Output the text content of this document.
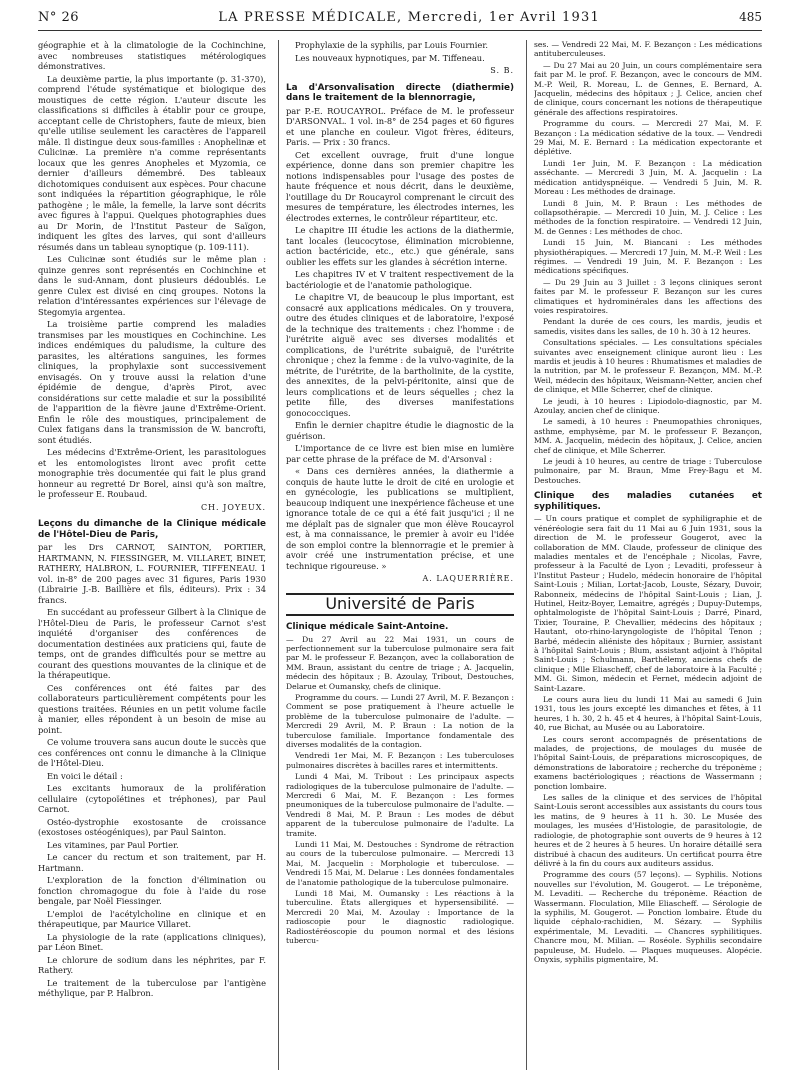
N° 26	LA PRESSE MÉDICALE, Mercredi, 1er Avril 1931	485

géographie et à la climatologie de la Cochinchine, avec nombreuses statistiques métérologiques démonstratives.

La deuxième partie, la plus importante (p. 31-370), comprend l'étude systématique et biologique des moustiques de cette région. L'auteur discute les classifications si difficiles à établir pour ce groupe, acceptant celle de Christophers, faute de mieux, bien qu'elle utilise seulement les caractères de l'appareil mâle. Il distingue deux sous-familles : Anophelinæ et Culicinæ. La première n'a comme représentants locaux que les genres Anopheles et Myzomia, ce dernier d'ailleurs démembré. Des tableaux dichotomiques conduisent aux espèces. Pour chacune sont indiquées la répartition géographique, le rôle pathogène ; le mâle, la femelle, la larve sont décrits avec figures à l'appui. Quelques photographies dues au Dr Morin, de l'Institut Pasteur de Saïgon, indiquent les gîtes des larves, qui sont d'ailleurs résumés dans un tableau synoptique (p. 109-111).

Les Culicinæ sont étudiés sur le même plan : quinze genres sont représentés en Cochinchine et dans le sud-Annam, dont plusieurs dédoublés. Le genre Culex est divisé en cinq groupes. Notons la relation d'intéressantes expériences sur l'élevage de Stegomyia argentea.

La troisième partie comprend les maladies transmises par les moustiques en Cochinchine. Les indices endémiques du paludisme, la culture des parasites, les altérations sanguines, les formes cliniques, la prophylaxie sont successivement envisagés. On y trouve aussi la relation d'une épidémie de dengue, d'après Pirot, avec considérations sur cette maladie et sur la possibilité de l'apparition de la fièvre jaune d'Extrême-Orient. Enfin le rôle des moustiques, principalement de Culex fatigans dans la transmission de W. bancrofti, sont étudiés.

Les médecins d'Extrême-Orient, les parasitologues et les entomologistes liront avec profit cette monographie très documentée qui fait le plus grand honneur au regretté Dr Borel, ainsi qu'à son maître, le professeur E. Roubaud.

CH. JOYEUX.

Leçons du dimanche de la Clinique médicale de l'Hôtel-Dieu de Paris,

par les Drs CARNOT, SAINTON, PORTIER, HARTMANN, N. FIESSINGER, M. VILLARET, BINET, RATHERY, HALBRON, L. FOURNIER, TIFFENEAU. 1 vol. in-8° de 200 pages avec 31 figures, Paris 1930 (Librairie J.-B. Baillière et fils, éditeurs). Prix : 34 francs.

En succédant au professeur Gilbert à la Clinique de l'Hôtel-Dieu de Paris, le professeur Carnot s'est inquiété d'organiser des conférences de documentation destinées aux praticiens qui, faute de temps, ont de grandes difficultés pour se mettre au courant des questions mouvantes de la clinique et de la thérapeutique.

Ces conférences ont été faites par des collaborateurs particulièrement compétents pour les questions traitées. Réunies en un petit volume facile à manier, elles répondent à un besoin de mise au point.

Ce volume trouvera sans aucun doute le succès que ces conférences ont connu le dimanche à la Clinique de l'Hôtel-Dieu.

En voici le détail :

Les excitants humoraux de la prolifération cellulaire (cytopoïétines et tréphones), par Paul Carnot.

Ostéo-dystrophie exostosante de croissance (exostoses ostéogéniques), par Paul Sainton.

Les vitamines, par Paul Portier.

Le cancer du rectum et son traitement, par H. Hartmann.

L'exploration de la fonction d'élimination ou fonction chromagogue du foie à l'aide du rose bengale, par Noël Fiessinger.

L'emploi de l'acétylcholine en clinique et en thérapeutique, par Maurice Villaret.

La physiologie de la rate (applications cliniques), par Léon Binet.

Le chlorure de sodium dans les néphrites, par F. Rathery.

Le traitement de la tuberculose par l'antigène méthylique, par P. Halbron.

Prophylaxie de la syphilis, par Louis Fournier.

Les nouveaux hypnotiques, par M. Tiffeneau.

S. B.

La d'Arsonvalisation directe (diathermie) dans le traitement de la blennorragie,

par P.-E. ROUCAYROL. Préface de M. le professeur D'ARSONVAL. 1 vol. in-8° de 254 pages et 60 figures et une planche en couleur. Vigot frères, éditeurs, Paris. — Prix : 30 francs.

Cet excellent ouvrage, fruit d'une longue expérience, donne dans son premier chapitre les notions indispensables pour l'usage des postes de haute fréquence et nous décrit, dans le deuxième, l'outillage du Dr Roucayrol comprenant le circuit des mesures de température, les électrodes internes, les électrodes externes, le contrôleur répartiteur, etc.

Le chapitre III étudie les actions de la diathermie, tant locales (leucocytose, élimination microbienne, action bactéricide, etc., etc.) que générale, sans oublier les effets sur les glandes à sécrétion interne.

Les chapitres IV et V traitent respectivement de la bactériologie et de l'anatomie pathologique.

Le chapitre VI, de beaucoup le plus important, est consacré aux applications médicales. On y trouvera, outre des études cliniques et de laboratoire, l'exposé de la technique des traitements : chez l'homme : de l'urétrite aiguë avec ses diverses modalités et complications, de l'urétrite subaiguë, de l'urétrite chronique ; chez la femme : de la vulvo-vaginite, de la métrite, de l'urétrite, de la bartholinite, de la cystite, des annexites, de la pelvi-péritonite, ainsi que de leurs complications et de leurs séquelles ; chez la petite fille, des diverses manifestations gonococciques.

Enfin le dernier chapitre étudie le diagnostic de la guérison.

L'importance de ce livre est bien mise en lumière par cette phrase de la préface de M. d'Arsonval :

« Dans ces dernières années, la diathermie a conquis de haute lutte le droit de cité en urologie et en gynécologie, les publications se multiplient, beaucoup indiquent une inexpérience fâcheuse et une ignorance totale de ce qui a été fait jusqu'ici ; il ne me déplaît pas de signaler que mon élève Roucayrol est, à ma connaissance, le premier à avoir eu l'idée de son emploi contre la blennorragie et le premier à avoir créé une instrumentation précise, et une technique rigoureuse. »

A. LAQUERRIÈRE.

Université de Paris

Clinique médicale Saint-Antoine.

— Du 27 Avril au 22 Mai 1931, un cours de perfectionnement sur la tuberculose pulmonaire sera fait par M. le professeur F. Bezançon, avec la collaboration de MM. Braun, assistant du centre de triage ; A. Jacquelin, médecin des hôpitaux ; B. Azoulay, Tribout, Destouches, Delarue et Oumansky, chefs de clinique.

Programme du cours. — Lundi 27 Avril, M. F. Bezançon : Comment se pose pratiquement à l'heure actuelle le problème de la tuberculose pulmonaire de l'adulte. — Mercredi 29 Avril, M. P. Braun : La notion de la tuberculose familiale. Importance fondamentale des diverses modalités de la contagion.

Vendredi 1er Mai, M. F. Bezançon : Les tuberculoses pulmonaires discrètes à bacilles rares et intermittents.

Lundi 4 Mai, M. Tribout : Les principaux aspects radiologiques de la tuberculose pulmonaire de l'adulte. — Mercredi 6 Mai, M. F. Bezançon : Les formes pneumoniques de la tuberculose pulmonaire de l'adulte. — Vendredi 8 Mai, M. P. Braun : Les modes de début apparent de la tuberculose pulmonaire de l'adulte. La tramite.

Lundi 11 Mai, M. Destouches : Syndrome de rétraction au cours de la tuberculose pulmonaire. — Mercredi 13 Mai, M. Jacquelin : Morphologie et tuberculose. — Vendredi 15 Mai, M. Delarue : Les données fondamentales de l'anatomie pathologique de la tuberculose pulmonaire.

Lundi 18 Mai, M. Oumansky : Les réactions à la tuberculine. États allergiques et hypersensibilité. — Mercredi 20 Mai, M. Azoulay : Importance de la radioscopie pour le diagnostic radiologique. Radiostéréoscopie du poumon normal et des lésions tubercu-

ses. — Vendredi 22 Mai, M. F. Bezançon : Les médications antituberculeuses.

— Du 27 Mai au 20 Juin, un cours complémentaire sera fait par M. le prof. F. Bezançon, avec le concours de MM. M.-P. Weil, R. Moreau, L. de Gennes, E. Bernard, A. Jacquelin, médecins des hôpitaux ; J. Celice, ancien chef de clinique, cours concernant les notions de thérapeutique générale des affections respiratoires.

Programme du cours. — Mercredi 27 Mai, M. F. Bezançon : La médication sédative de la toux. — Vendredi 29 Mai, M. E. Bernard : La médication expectorante et déplétive.

Lundi 1er Juin, M. F. Bezançon : La médication asséchante. — Mercredi 3 Juin, M. A. Jacquelin : La médication antidyspnéique. — Vendredi 5 Juin, M. R. Moreau : Les méthodes de drainage.

Lundi 8 Juin, M. P. Braun : Les méthodes de collapsothérapie. — Mercredi 10 Juin, M. J. Celice : Les méthodes de la fonction respiratoire. — Vendredi 12 Juin, M. de Gennes : Les méthodes de choc.

Lundi 15 Juin, M. Biancani : Les méthodes physiothérapiques. — Mercredi 17 Juin, M. M.-P. Weil : Les régimes. — Vendredi 19 Juin, M. F. Bezançon : Les médications spécifiques.

— Du 29 Juin au 3 Juillet : 3 leçons cliniques seront faites par M. le professeur F. Bezançon sur les cures climatiques et hydrominérales dans les affections des voies respiratoires.

Pendant la durée de ces cours, les mardis, jeudis et samedis, visites dans les salles, de 10 h. 30 à 12 heures.

Consultations spéciales. — Les consultations spéciales suivantes avec enseignement clinique auront lieu : Les mardis et jeudis à 10 heures : Rhumatismes et maladies de la nutrition, par M. le professeur F. Bezançon, MM. M.-P. Weil, médecin des hôpitaux, Weismann-Netter, ancien chef de clinique, et Mlle Scherrer, chef de clinique.

Le jeudi, à 10 heures : Lipiodolo-diagnostic, par M. Azoulay, ancien chef de clinique.

Le samedi, à 10 heures : Pneumopathies chroniques, asthme, emphysème, par M. le professeur F. Bezançon, MM. A. Jacquelin, médecin des hôpitaux, J. Celice, ancien chef de clinique, et Mlle Scherrer.

Le jeudi à 10 heures, au centre de triage : Tuberculose pulmonaire, par M. Braun, Mme Frey-Bagu et M. Destouches.

Clinique des maladies cutanées et syphilitiques.

— Un cours pratique et complet de syphiligraphie et de vénéréologie sera fait du 11 Mai au 6 Juin 1931, sous la direction de M. le professeur Gougerot, avec la collaboration de MM. Claude, professeur de clinique des maladies mentales et de l'encéphale ; Nicolas, Favre, professeur à la Faculté de Lyon ; Levaditi, professeur à l'Institut Pasteur ; Hudelo, médecin honoraire de l'hôpital Saint-Louis ; Milian, Lortat-Jacob, Louste, Sézary, Duvoir, Rabonneix, médecins de l'hôpital Saint-Louis ; Lian, J. Hutinel, Heitz-Boyer, Lemaitre, agrégés ; Dupuy-Dutemps, ophtalmologiste de l'hôpital Saint-Louis ; Darré, Pinard, Tixier, Touraine, P. Chevallier, médecins des hôpitaux ; Hautant, oto-rhino-laryngologiste de l'hôpital Tenon ; Barbé, médecin aliéniste des hôpitaux ; Burnier, assistant à l'hôpital Saint-Louis ; Blum, assistant adjoint à l'hôpital Saint-Louis ; Schulmann, Barthélemy, anciens chefs de clinique ; Mlle Eliascheff, chef de laboratoire à la Faculté ; MM. Gi. Simon, médecin et Fernet, médecin adjoint de Saint-Lazare.

Le cours aura lieu du lundi 11 Mai au samedi 6 Juin 1931, tous les jours excepté les dimanches et fêtes, à 11 heures, 1 h. 30, 2 h. 45 et 4 heures, à l'hôpital Saint-Louis, 40, rue Bichat, au Musée ou au Laboratoire.

Les cours seront accompagnés de présentations de malades, de projections, de moulages du musée de l'hôpital Saint-Louis, de préparations microscopiques, de démonstrations de laboratoire ; recherche du tréponème ; examens bactériologiques ; réactions de Wassermann ; ponction lombaire.

Les salles de la clinique et des services de l'hôpital Saint-Louis seront accessibles aux assistants du cours tous les matins, de 9 heures à 11 h. 30. Le Musée des moulages, les musées d'Histologie, de parasitologie, de radiologie, de photographie sont ouverts de 9 heures à 12 heures et de 2 heures à 5 heures. Un horaire détaillé sera distribué à chacun des auditeurs. Un certificat pourra être délivré à la fin du cours aux auditeurs assidus.

Programme des cours (57 leçons). — Syphilis. Notions nouvelles sur l'évolution, M. Gougerot. — Le tréponème, M. Levaditi. — Recherche du tréponème. Réaction de Wassermann. Floculation, Mlle Eliascheff. — Sérologie de la syphilis, M. Gougerot. — Ponction lombaire. Étude du liquide céphalo-rachidien, M. Sézary. — Syphilis expérimentale, M. Levaditi. — Chancres syphilitiques. Chancre mou, M. Milian. — Roséole. Syphilis secondaire papuleuse, M. Hudelo. — Plaques muqueuses. Alopécie. Onyxis, syphilis pigmentaire, M.
